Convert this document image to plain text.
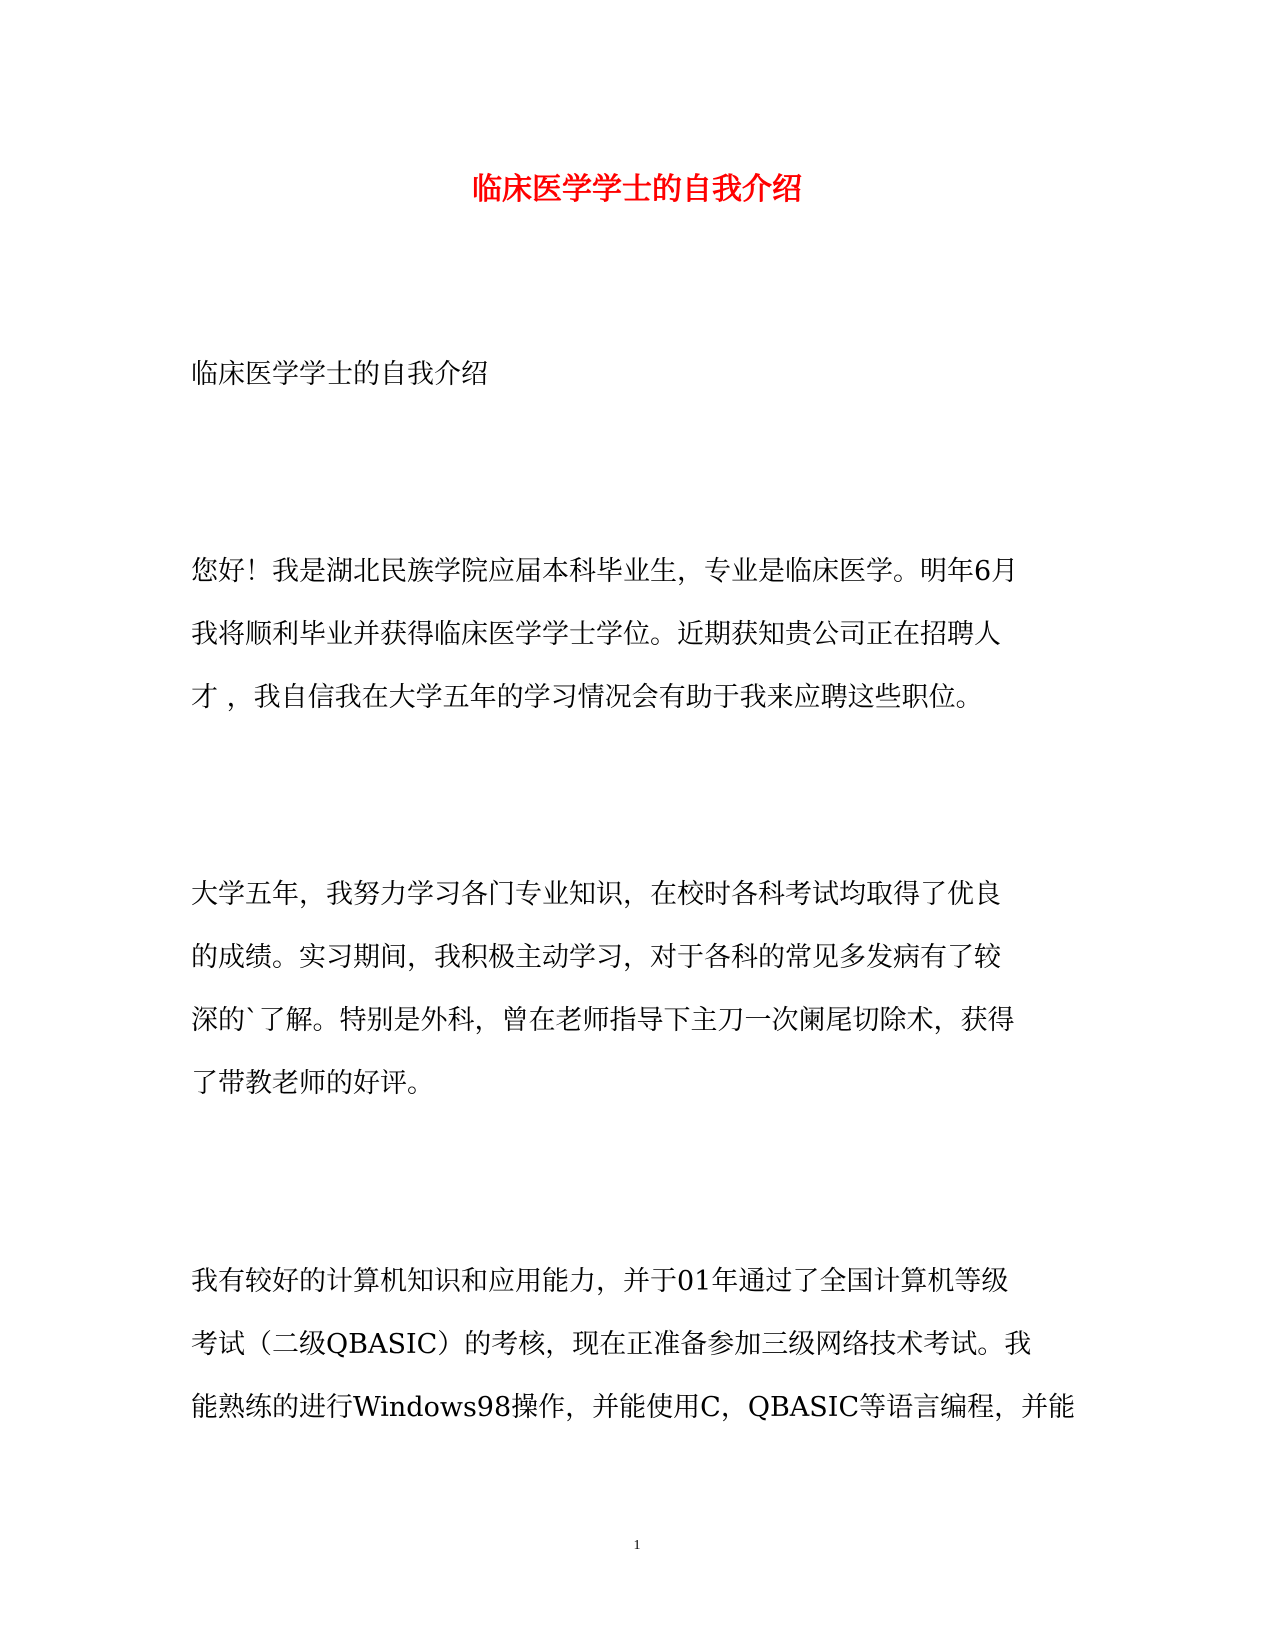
临床医学学士的自我介绍

临床医学学士的自我介绍

您好！我是湖北民族学院应届本科毕业生，专业是临床医学。明年6月
我将顺利毕业并获得临床医学学士学位。近期获知贵公司正在招聘人
才 ，我自信我在大学五年的学习情况会有助于我来应聘这些职位。

大学五年，我努力学习各门专业知识，在校时各科考试均取得了优良
的成绩。实习期间，我积极主动学习，对于各科的常见多发病有了较
深的`了解。特别是外科，曾在老师指导下主刀一次阑尾切除术，获得
了带教老师的好评。

我有较好的计算机知识和应用能力，并于01年通过了全国计算机等级
考试（二级QBASIC）的考核，现在正准备参加三级网络技术考试。我
能熟练的进行Windows98操作，并能使用C，QBASIC等语言编程，并能

1
